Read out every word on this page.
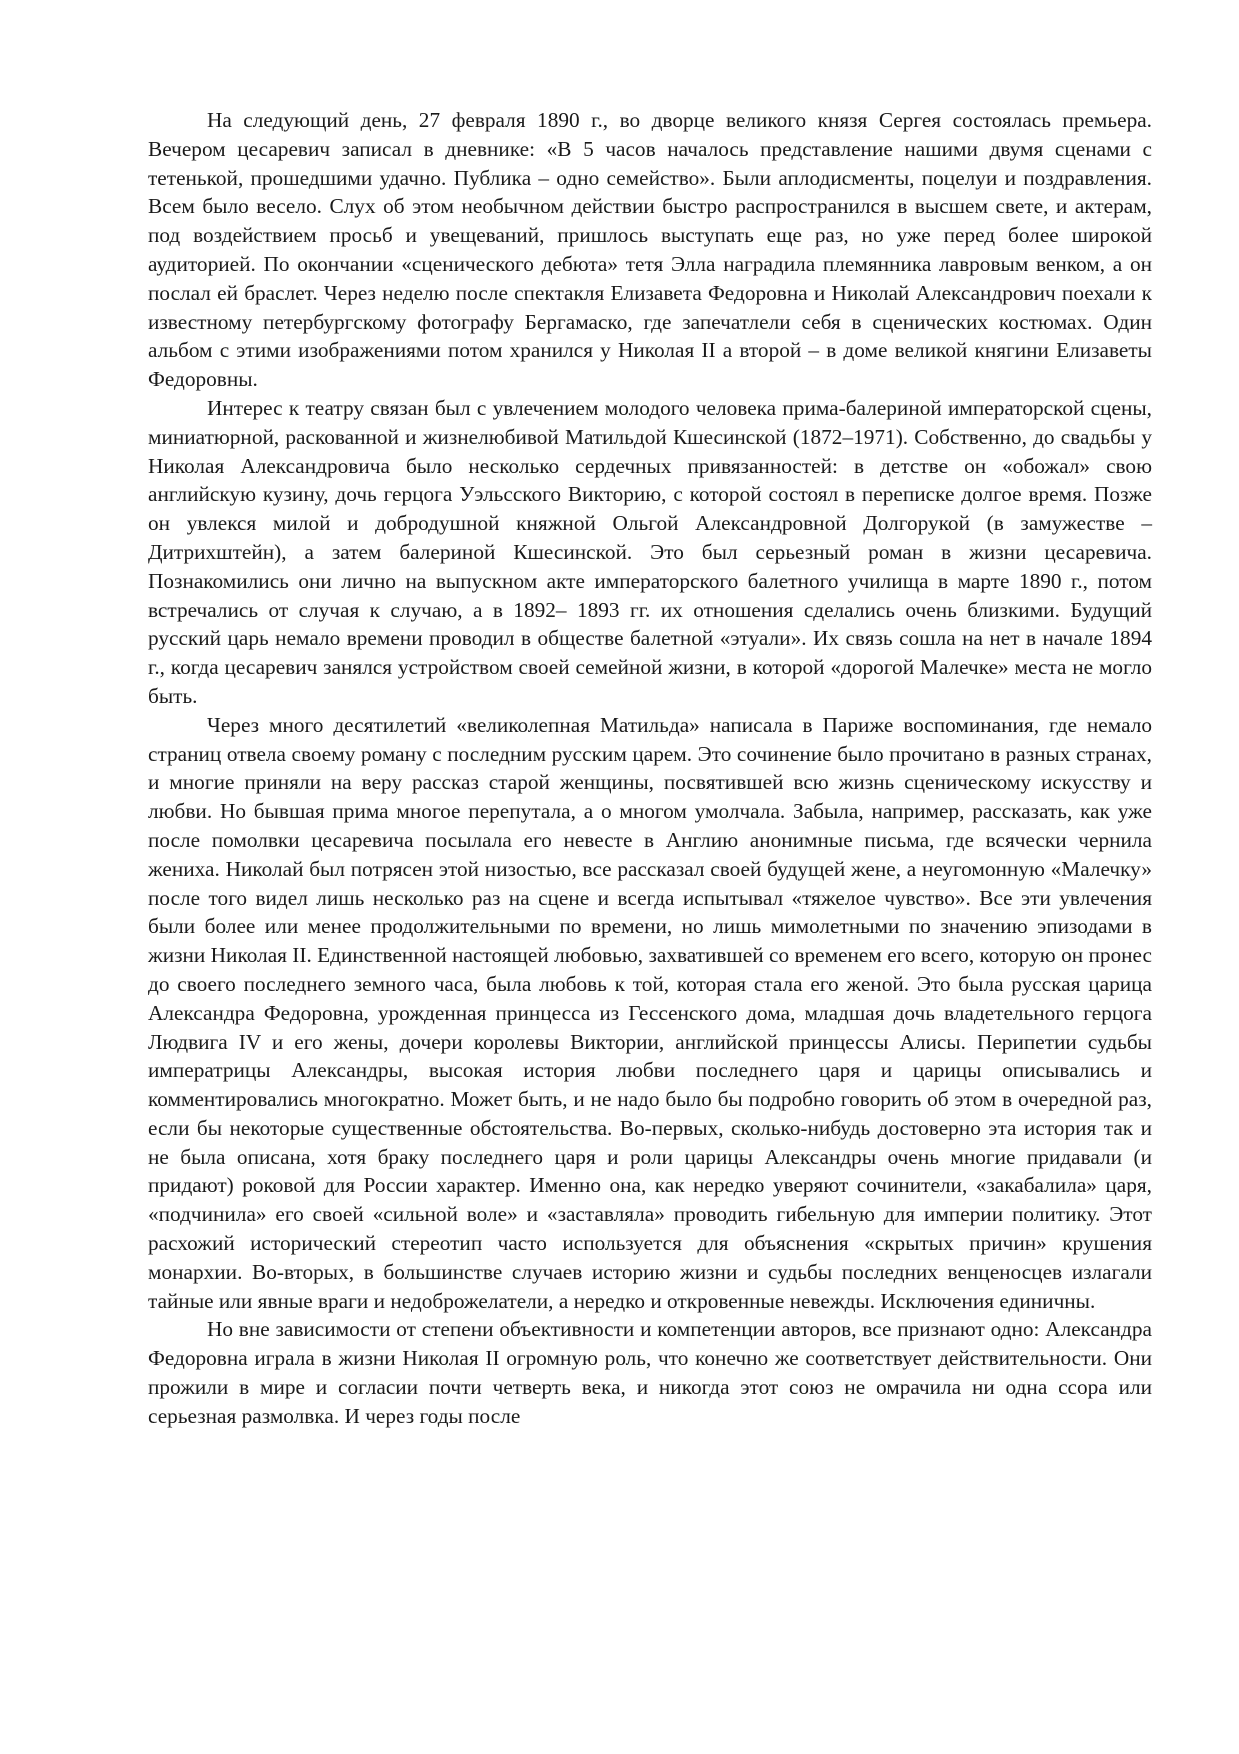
На следующий день, 27 февраля 1890 г., во дворце великого князя Сергея состоялась премьера. Вечером цесаревич записал в дневнике: «В 5 часов началось представление нашими двумя сценами с тетенькой, прошедшими удачно. Публика – одно семейство». Были аплодисменты, поцелуи и поздравления. Всем было весело. Слух об этом необычном действии быстро распространился в высшем свете, и актерам, под воздействием просьб и увещеваний, пришлось выступать еще раз, но уже перед более широкой аудиторией. По окончании «сценического дебюта» тетя Элла наградила племянника лавровым венком, а он послал ей браслет. Через неделю после спектакля Елизавета Федоровна и Николай Александрович поехали к известному петербургскому фотографу Бергамаско, где запечатлели себя в сценических костюмах. Один альбом с этими изображениями потом хранился у Николая II а второй – в доме великой княгини Елизаветы Федоровны.

Интерес к театру связан был с увлечением молодого человека прима-балериной императорской сцены, миниатюрной, раскованной и жизнелюбивой Матильдой Кшесинской (1872–1971). Собственно, до свадьбы у Николая Александровича было несколько сердечных привязанностей: в детстве он «обожал» свою английскую кузину, дочь герцога Уэльсского Викторию, с которой состоял в переписке долгое время. Позже он увлекся милой и добродушной княжной Ольгой Александровной Долгорукой (в замужестве – Дитрихштейн), а затем балериной Кшесинской. Это был серьезный роман в жизни цесаревича. Познакомились они лично на выпускном акте императорского балетного училища в марте 1890 г., потом встречались от случая к случаю, а в 1892– 1893 гг. их отношения сделались очень близкими. Будущий русский царь немало времени проводил в обществе балетной «этуали». Их связь сошла на нет в начале 1894 г., когда цесаревич занялся устройством своей семейной жизни, в которой «дорогой Малечке» места не могло быть.

Через много десятилетий «великолепная Матильда» написала в Париже воспоминания, где немало страниц отвела своему роману с последним русским царем. Это сочинение было прочитано в разных странах, и многие приняли на веру рассказ старой женщины, посвятившей всю жизнь сценическому искусству и любви. Но бывшая прима многое перепутала, а о многом умолчала. Забыла, например, рассказать, как уже после помолвки цесаревича посылала его невесте в Англию анонимные письма, где всячески чернила жениха. Николай был потрясен этой низостью, все рассказал своей будущей жене, а неугомонную «Малечку» после того видел лишь несколько раз на сцене и всегда испытывал «тяжелое чувство». Все эти увлечения были более или менее продолжительными по времени, но лишь мимолетными по значению эпизодами в жизни Николая II. Единственной настоящей любовью, захватившей со временем его всего, которую он пронес до своего последнего земного часа, была любовь к той, которая стала его женой. Это была русская царица Александра Федоровна, урожденная принцесса из Гессенского дома, младшая дочь владетельного герцога Людвига IV и его жены, дочери королевы Виктории, английской принцессы Алисы. Перипетии судьбы императрицы Александры, высокая история любви последнего царя и царицы описывались и комментировались многократно. Может быть, и не надо было бы подробно говорить об этом в очередной раз, если бы некоторые существенные обстоятельства. Во-первых, сколько-нибудь достоверно эта история так и не была описана, хотя браку последнего царя и роли царицы Александры очень многие придавали (и придают) роковой для России характер. Именно она, как нередко уверяют сочинители, «закабалила» царя, «подчинила» его своей «сильной воле» и «заставляла» проводить гибельную для империи политику. Этот расхожий исторический стереотип часто используется для объяснения «скрытых причин» крушения монархии. Во-вторых, в большинстве случаев историю жизни и судьбы последних венценосцев излагали тайные или явные враги и недоброжелатели, а нередко и откровенные невежды. Исключения единичны.

Но вне зависимости от степени объективности и компетенции авторов, все признают одно: Александра Федоровна играла в жизни Николая II огромную роль, что конечно же соответствует действительности. Они прожили в мире и согласии почти четверть века, и никогда этот союз не омрачила ни одна ссора или серьезная размолвка. И через годы после
